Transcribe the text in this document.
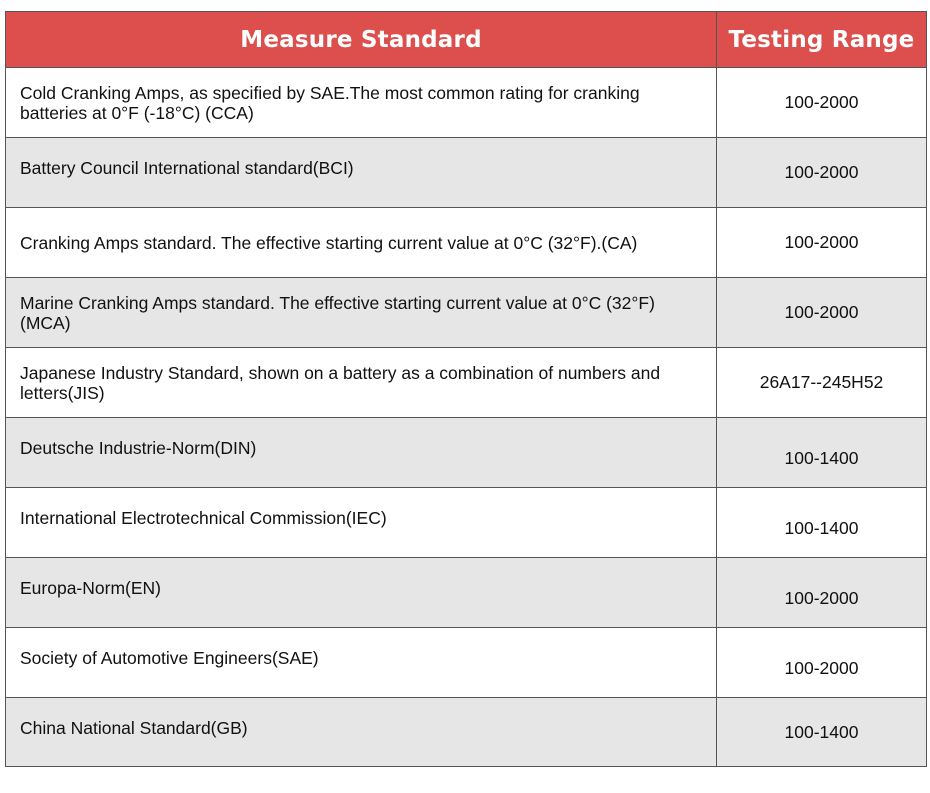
Measure Standard	Testing Range
Cold Cranking Amps, as specified by SAE.The most common rating for cranking batteries at 0°F (-18°C) (CCA)	100-2000
Battery Council International standard(BCI)	100-2000
Cranking Amps standard. The effective starting current value at 0°C (32°F).(CA)	100-2000
Marine Cranking Amps standard. The effective starting current value at 0°C (32°F)(MCA)	100-2000
Japanese Industry Standard, shown on a battery as a combination of numbers and letters(JIS)	26A17--245H52
Deutsche Industrie-Norm(DIN)	100-1400
International Electrotechnical Commission(IEC)	100-1400
Europa-Norm(EN)	100-2000
Society of Automotive Engineers(SAE)	100-2000
China National Standard(GB)	100-1400
